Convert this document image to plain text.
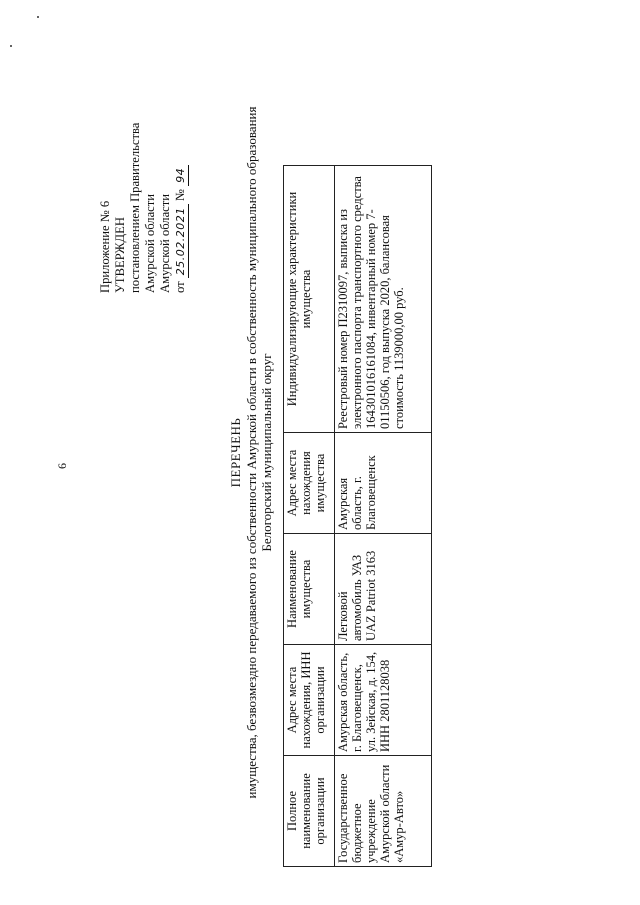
6
Приложение № 6 УТВЕРЖДЕН постановлением Правительства Амурской области Амурской области от 25.02.2021 № 94
ПЕРЕЧЕНЬ имущества, безвозмездно передаваемого из собственности Амурской области в собственность муниципального образования Белогорский муниципальный округ
Полное наименование организации	Адрес места нахождения, ИНН организации	Наименование имущества	Адрес места нахождения имущества	Индивидуализирующие характеристики имущества
Государственное бюджетное учреждение Амурской области «Амур-Авто»	Амурская область, г. Благовещенск, ул. Зейская, д. 154, ИНН 2801128038	Легковой автомобиль УАЗ UAZ Patriot 3163	Амурская область, г. Благовещенск	Реестровый номер П2310097, выписка из электронного паспорта транспортного средства 164301016161084, инвентарный номер 7-01150506, год выпуска 2020, балансовая стоимость 1139000,00 руб.
